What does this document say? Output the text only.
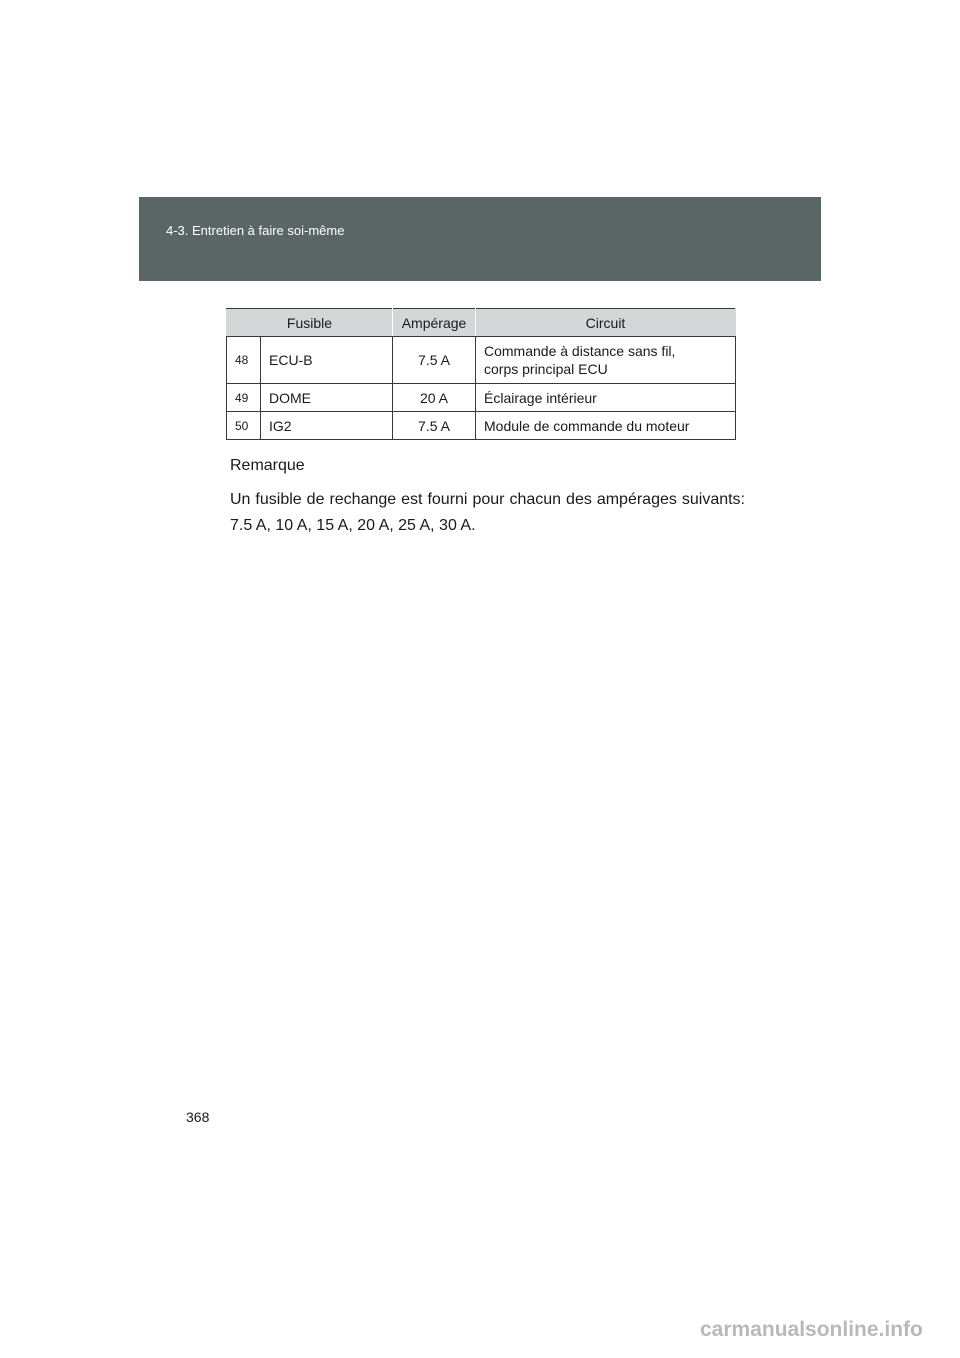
4-3. Entretien à faire soi-même
Fusible		Ampérage	Circuit
48	ECU-B	7.5 A	Commande à distance sans fil,
corps principal ECU
49	DOME	20 A	Éclairage intérieur
50	IG2	7.5 A	Module de commande du moteur
Remarque
Un fusible de rechange est fourni pour chacun des ampérages suivants: 7.5 A, 10 A, 15 A, 20 A, 25 A, 30 A.
368
carmanualsonline.info
